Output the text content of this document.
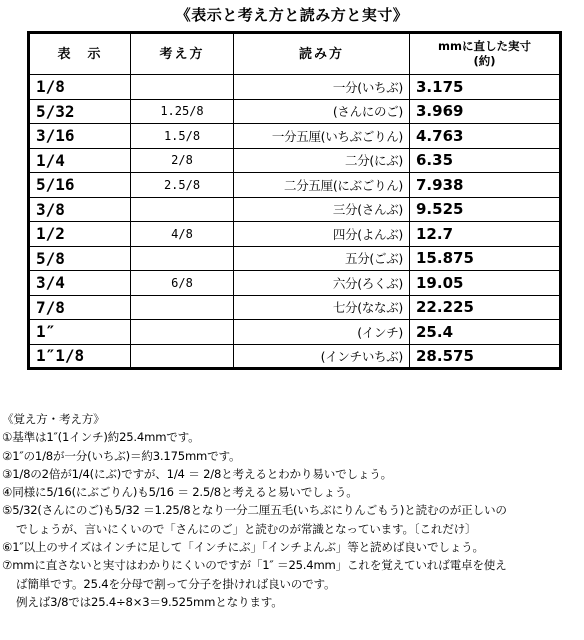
《表示と考え方と読み方と実寸》
表　示	考え方	読み方	mmに直した実寸
(約)

1/8		一分(いちぶ)	3.175
5/32	1.25/8	(さんにのご)	3.969
3/16	1.5/8	一分五厘(いちぶごりん)	4.763
1/4	2/8	二分(にぶ)	6.35
5/16	2.5/8	二分五厘(にぶごりん)	7.938
3/8		三分(さんぶ)	9.525
1/2	4/8	四分(よんぶ)	12.7
5/8		五分(ごぶ)	15.875
3/4	6/8	六分(ろくぶ)	19.05
7/8		七分(ななぶ)	22.225
1″		(インチ)	25.4
1″1/8		(インチいちぶ)	28.575
《覚え方・考え方》
①基準は1″(1インチ)約25.4mmです。
②1″の1/8が一分(いちぶ)＝約3.175mmです。
③1/8の2倍が1/4(にぶ)ですが、1/4 ＝ 2/8と考えるとわかり易いでしょう。
④同様に5/16(にぶごりん)も5/16 ＝ 2.5/8と考えると易いでしょう。
⑤5/32(さんにのご)も5/32 ＝1.25/8となり一分二厘五毛(いちぶにりんごもう)と読むのが正しいの
でしょうが、言いにくいので「さんにのご」と読むのが常識となっています。〔これだけ〕
⑥1″以上のサイズはインチに足して「インチにぶ」「インチよんぶ」等と読めば良いでしょう。
⑦mmに直さないと実寸はわかりにくいのですが「1″ ＝25.4mm」これを覚えていれば電卓を使え
ば簡単です。25.4を分母で割って分子を掛ければ良いのです。
例えば3/8では25.4÷8×3＝9.525mmとなります。
